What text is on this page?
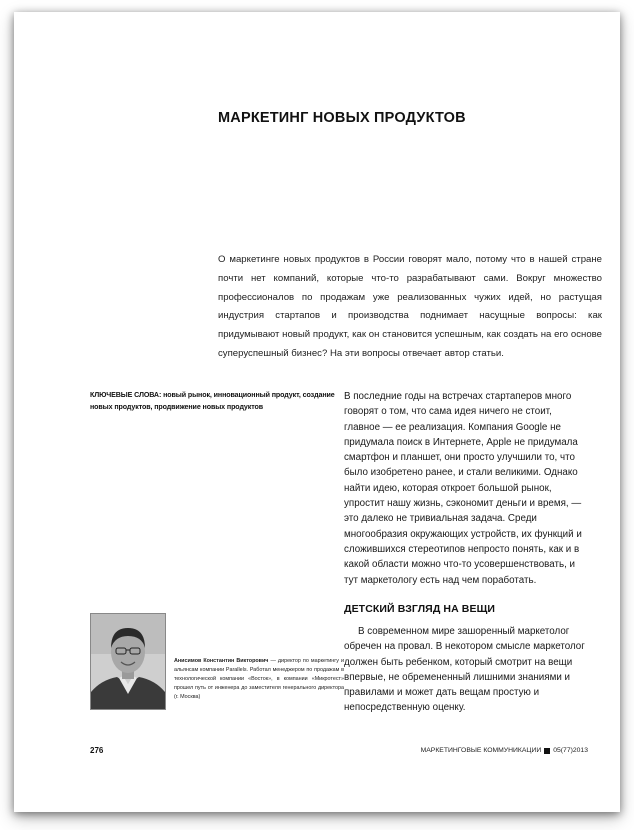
МАРКЕТИНГ НОВЫХ ПРОДУКТОВ

О маркетинге новых продуктов в России говорят мало, потому что в нашей стране почти нет компаний, которые что-то разрабатывают сами. Вокруг множество профессионалов по продажам уже реализованных чужих идей, но растущая индустрия стартапов и производства поднимает насущные вопросы: как придумывают новый продукт, как он становится успешным, как создать на его основе суперуспешный бизнес? На эти вопросы отвечает автор статьи.

КЛЮЧЕВЫЕ СЛОВА: новый рынок, инновационный продукт, создание новых продуктов, продвижение новых продуктов

В последние годы на встречах стартаперов много говорят о том, что сама идея ничего не стоит, главное — ее реализация. Компания Google не придумала поиск в Интернете, Apple не придумала смартфон и планшет, они просто улучшили то, что было изобретено ранее, и стали великими. Однако найти идею, которая откроет большой рынок, упростит нашу жизнь, сэкономит деньги и время, — это далеко не тривиальная задача. Среди многообразия окружающих устройств, их функций и сложившихся стереотипов непросто понять, как и в какой области можно что-то усовершенствовать, и тут маркетологу есть над чем поработать.

ДЕТСКИЙ ВЗГЛЯД НА ВЕЩИ

В современном мире зашоренный маркетолог обречен на провал. В некотором смысле маркетолог должен быть ребенком, который смотрит на вещи впервые, не обремененный лишними знаниями и правилами и может дать вещам простую и непосредственную оценку.

Анисимов Константин Викторович — директор по маркетингу и альянсам компании Parallels. Работал менеджером по продажам в технологической компании «Восток», в компании «Микротест» прошел путь от инженера до заместителя генерального директора (г. Москва)

276	МАРКЕТИНГОВЫЕ КОММУНИКАЦИИ 05(77)2013
